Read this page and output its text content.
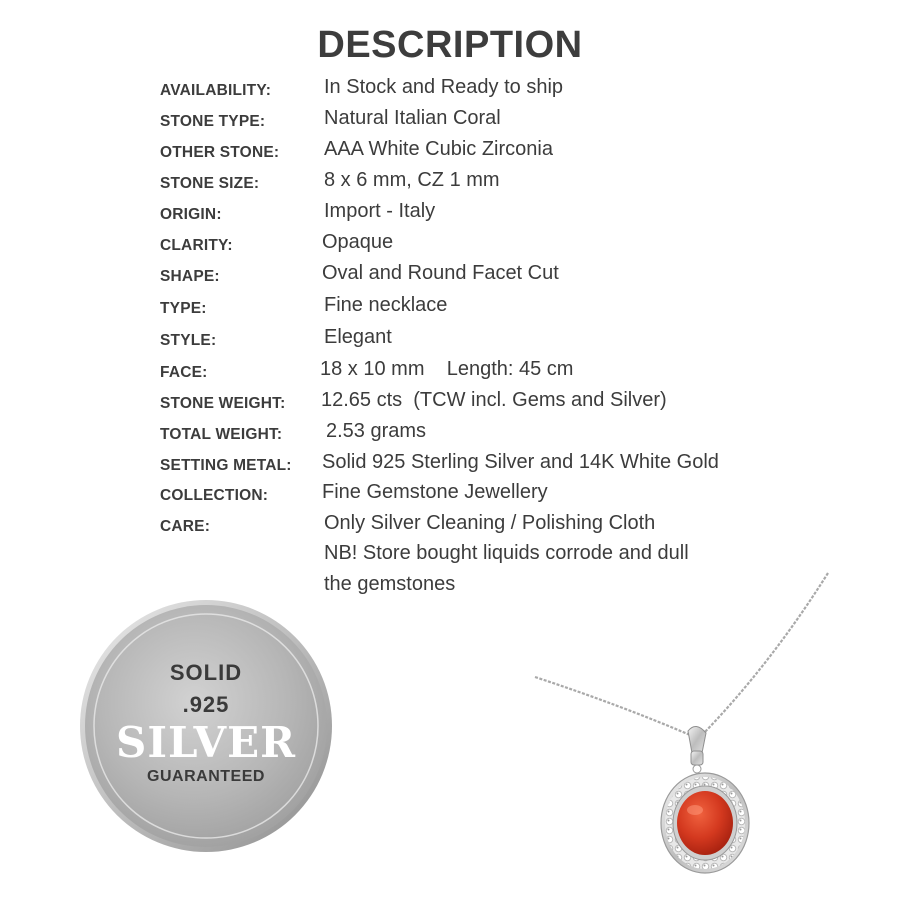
DESCRIPTION
AVAILABILITY:	In Stock and Ready to ship
STONE TYPE:	Natural Italian Coral
OTHER STONE: AAA White Cubic Zirconia
STONE SIZE:	8 x 6 mm, CZ 1 mm
ORIGIN:	Import - Italy
CLARITY:	Opaque
SHAPE:	Oval and Round Facet Cut
TYPE:	Fine necklace
STYLE:	Elegant
FACE:	18 x 10 mm    Length: 45 cm
STONE WEIGHT: 12.65 cts  (TCW incl. Gems and Silver)
TOTAL WEIGHT: 2.53 grams
SETTING METAL: Solid 925 Sterling Silver and 14K White Gold
COLLECTION:	Fine Gemstone Jewellery
CARE:	Only Silver Cleaning / Polishing Cloth
NB! Store bought liquids corrode and dull
the gemstones
SOLID
.925
SILVER
GUARANTEED
